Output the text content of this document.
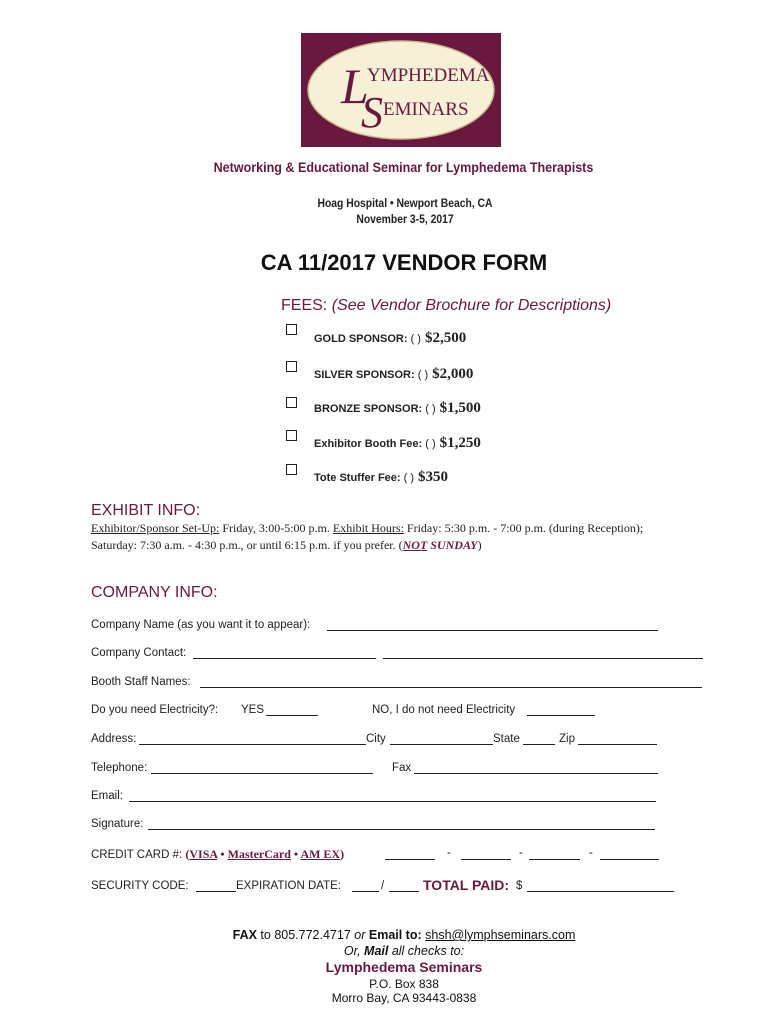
L
YMPHEDEMA
S EMINARS
Networking & Educational Seminar for Lymphedema Therapists
Hoag Hospital • Newport Beach, CA
November 3-5, 2017
CA 11/2017 VENDOR FORM
FEES: (See Vendor Brochure for Descriptions)
GOLD SPONSOR: ( ) $2,500
SILVER SPONSOR: ( ) $2,000
BRONZE SPONSOR: ( ) $1,500
Exhibitor Booth Fee: ( ) $1,250
Tote Stuffer Fee: ( ) $350
EXHIBIT INFO:
Exhibitor/Sponsor Set-Up: Friday, 3:00-5:00 p.m. Exhibit Hours: Friday: 5:30 p.m. - 7:00 p.m. (during Reception);
Saturday: 7:30 a.m. - 4:30 p.m., or until 6:15 p.m. if you prefer. (NOT SUNDAY)
COMPANY INFO:
Company Name (as you want it to appear):
Company Contact:
Booth Staff Names:
Do you need Electricity?: YES	NO, I do not need Electricity
Address:	City	State	Zip
Telephone:	Fax
Email:
Signature:
CREDIT CARD #: (VISA • MasterCard • AM EX)	-	-	-
SECURITY CODE:	EXPIRATION DATE:	/	TOTAL PAID: $
FAX to 805.772.4717 or Email to: shsh@lymphseminars.com
Or, Mail all checks to:
Lymphedema Seminars
P.O. Box 838
Morro Bay, CA 93443-0838
